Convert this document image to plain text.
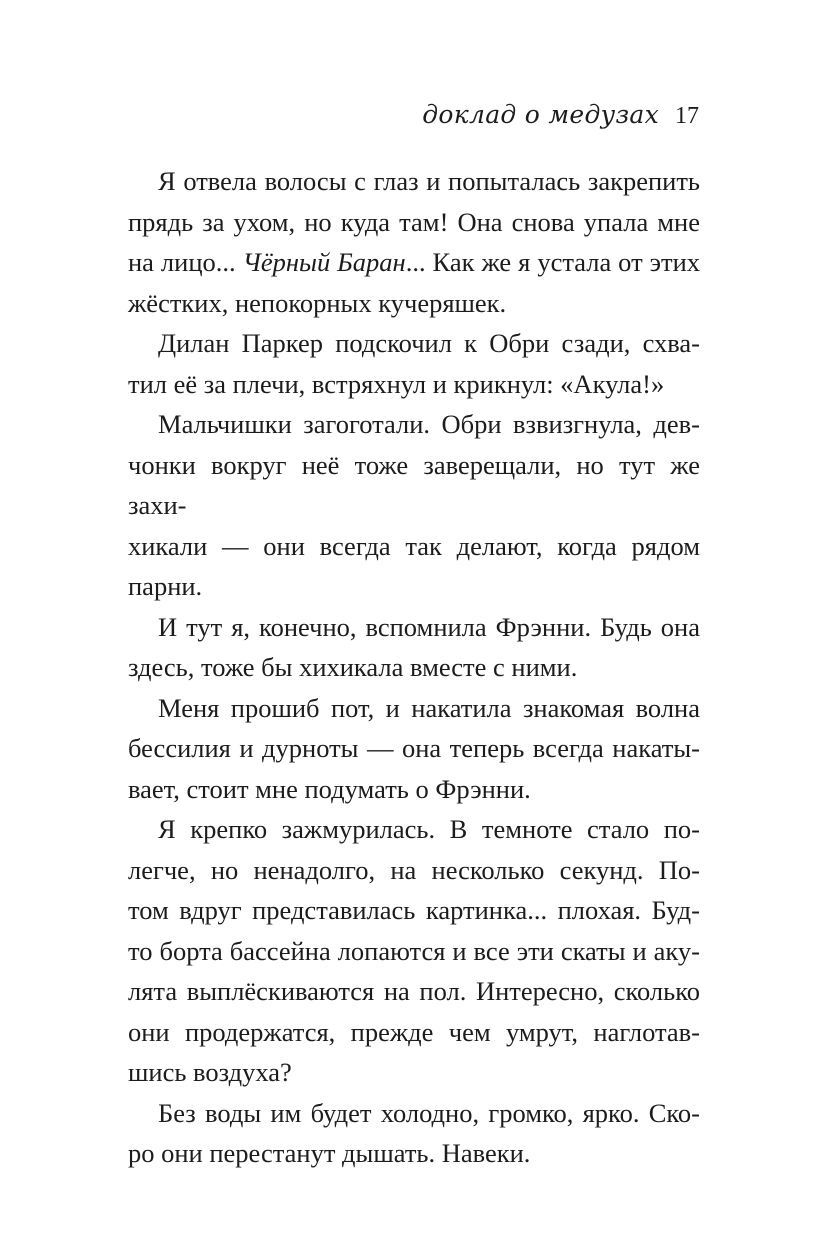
доклад о медузах 17

Я отвела волосы с глаз и попыталась закрепить
прядь за ухом, но куда там! Она снова упала мне
на лицо... Чёрный Баран... Как же я устала от этих
жёстких, непокорных кучеряшек.

Дилан Паркер подскочил к Обри сзади, схва-
тил её за плечи, встряхнул и крикнул: «Акула!»

Мальчишки загоготали. Обри взвизгнула, дев-
чонки вокруг неё тоже заверещали, но тут же захи-
хикали — они всегда так делают, когда рядом парни.

И тут я, конечно, вспомнила Фрэнни. Будь она
здесь, тоже бы хихикала вместе с ними.

Меня прошиб пот, и накатила знакомая волна
бессилия и дурноты — она теперь всегда накаты-
вает, стоит мне подумать о Фрэнни.

Я крепко зажмурилась. В темноте стало по-
легче, но ненадолго, на несколько секунд. По-
том вдруг представилась картинка... плохая. Буд-
то борта бассейна лопаются и все эти скаты и аку-
лята выплёскиваются на пол. Интересно, сколько
они продержатся, прежде чем умрут, наглотав-
шись воздуха?

Без воды им будет холодно, громко, ярко. Ско-
ро они перестанут дышать. Навеки.
